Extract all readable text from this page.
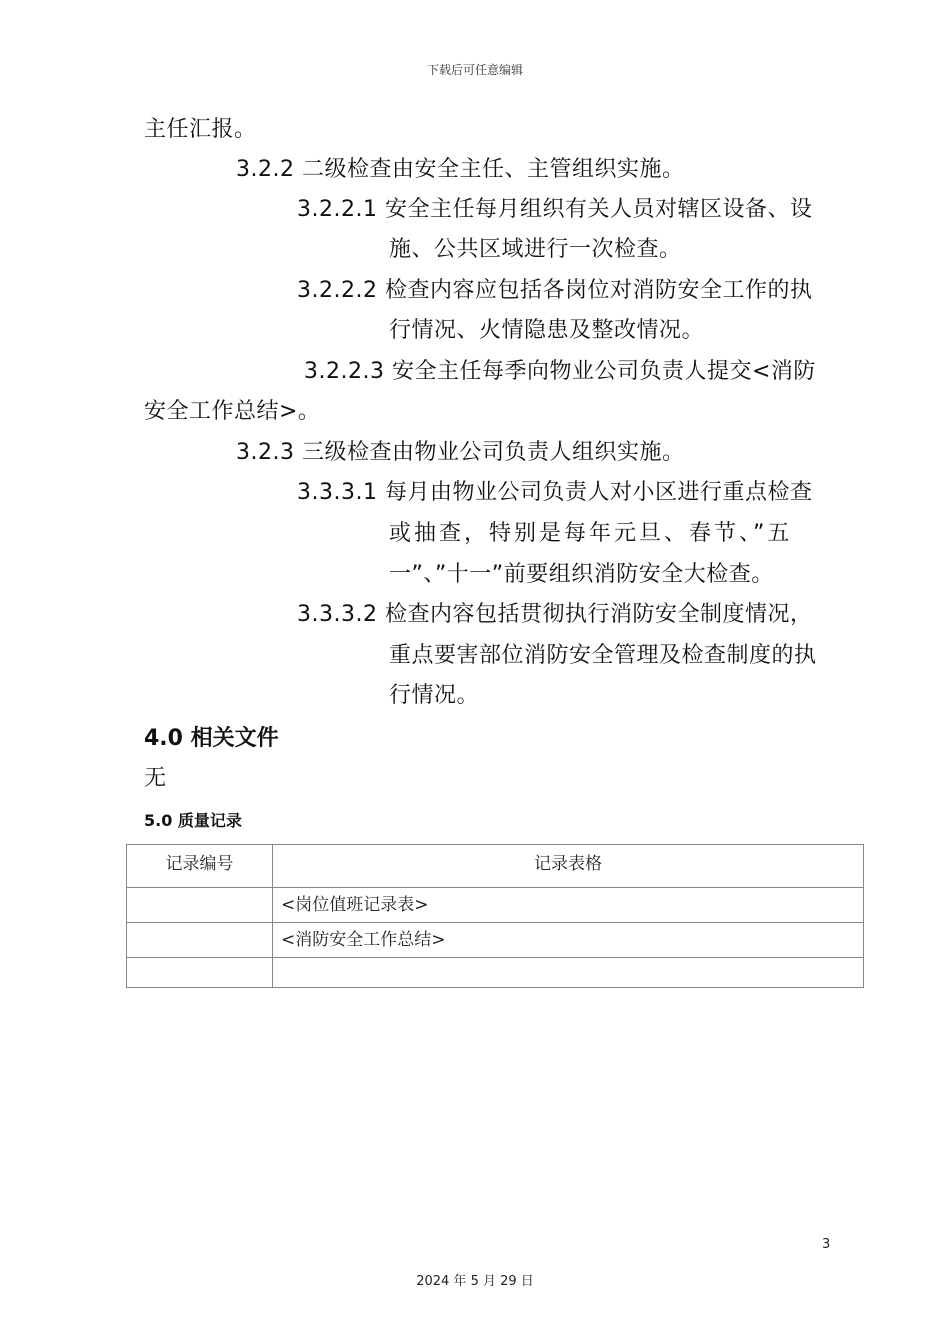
下载后可任意编辑
主任汇报。
3.2.2 二级检查由安全主任、主管组织实施。
3.2.2.1 安全主任每月组织有关人员对辖区设备、设
施、公共区域进行一次检查。
3.2.2.2 检查内容应包括各岗位对消防安全工作的执
行情况、火情隐患及整改情况。
3.2.2.3 安全主任每季向物业公司负责人提交<消防
安全工作总结>。
3.2.3 三级检查由物业公司负责人组织实施。
3.3.3.1 每月由物业公司负责人对小区进行重点检查
或抽查，特别是每年元旦、春节、”五
一”、”十一”前要组织消防安全大检查。
3.3.3.2 检查内容包括贯彻执行消防安全制度情况，
重点要害部位消防安全管理及检查制度的执
行情况。
4.0 相关文件
无
5.0 质量记录
记录编号	记录表格
	<岗位值班记录表>
	<消防安全工作总结>

3
2024 年 5 月 29 日
